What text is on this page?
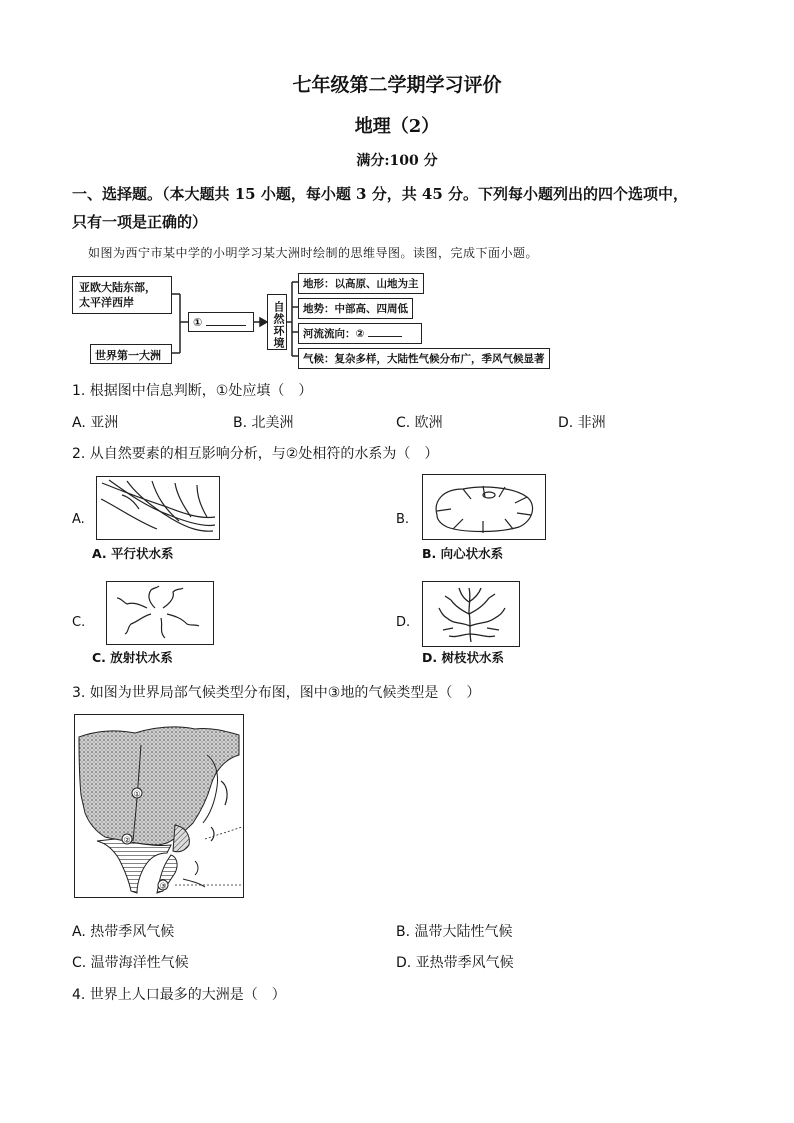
七年级第二学期学习评价
地理（2）
满分:100 分
一、选择题。（本大题共 15 小题，每小题 3 分，共 45 分。下列每小题列出的四个选项中，
只有一项是正确的）
如图为西宁市某中学的小明学习某大洲时绘制的思维导图。读图，完成下面小题。
亚欧大陆东部，
太平洋西岸
世界第一大洲
①	自然环境
地形：以高原、山地为主
地势：中部高、四周低
河流流向：②
气候：复杂多样，大陆性气候分布广，季风气候显著
1. 根据图中信息判断，①处应填（　）
A. 亚洲	B. 北美洲	C. 欧洲	D. 非洲
2. 从自然要素的相互影响分析，与②处相符的水系为（　）
A.
A. 平行状水系
B.
B. 向心状水系
C.
C. 放射状水系
D.
D. 树枝状水系
3. 如图为世界局部气候类型分布图，图中③地的气候类型是（　）
①
②
③
A. 热带季风气候	B. 温带大陆性气候
C. 温带海洋性气候	D. 亚热带季风气候
4. 世界上人口最多的大洲是（　）
